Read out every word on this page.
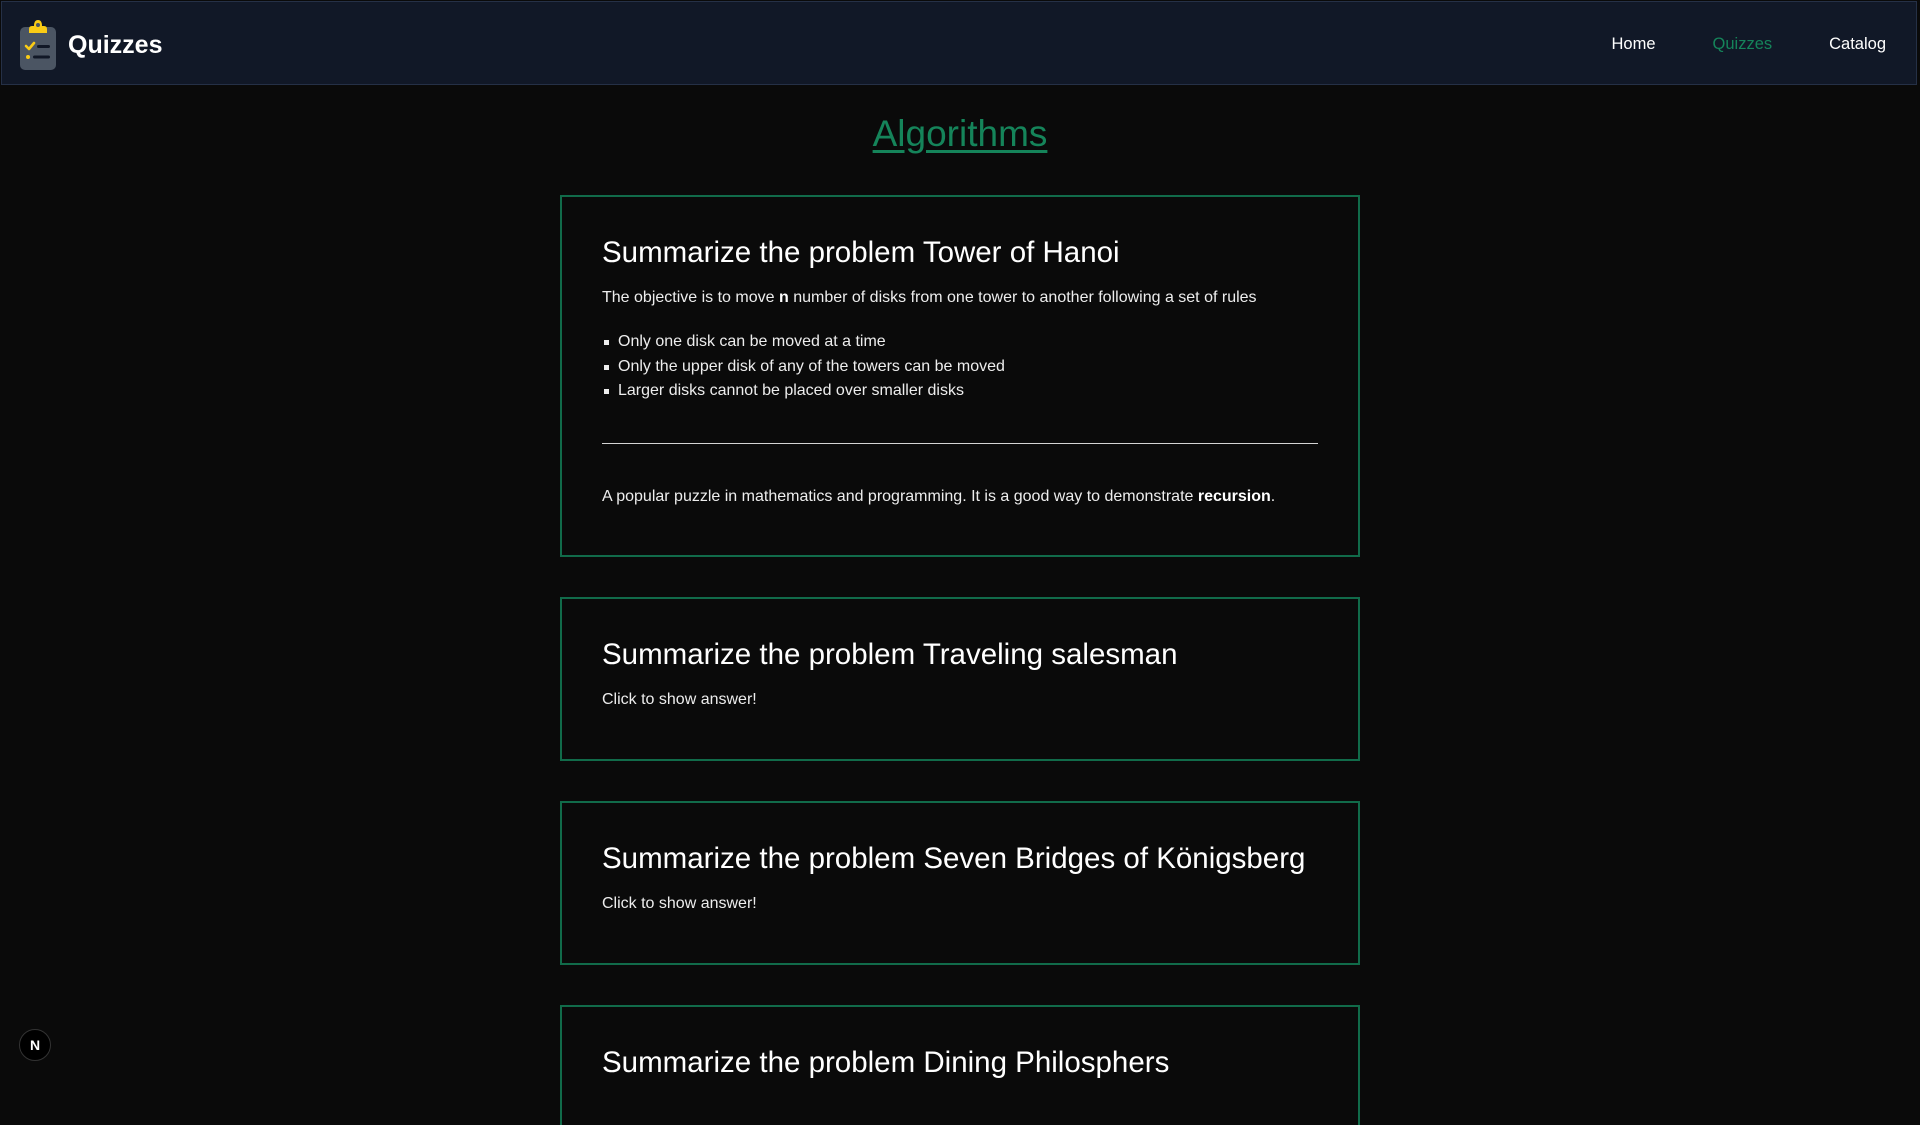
Quizzes	Home	Quizzes	Catalog
Algorithms
Summarize the problem Tower of Hanoi

The objective is to move n number of disks from one tower to another following a set of rules

Only one disk can be moved at a time
Only the upper disk of any of the towers can be moved
Larger disks cannot be placed over smaller disks

A popular puzzle in mathematics and programming. It is a good way to demonstrate recursion.

Summarize the problem Traveling salesman

Click to show answer!

Summarize the problem Seven Bridges of Königsberg

Click to show answer!

Summarize the problem Dining Philosphers
N
